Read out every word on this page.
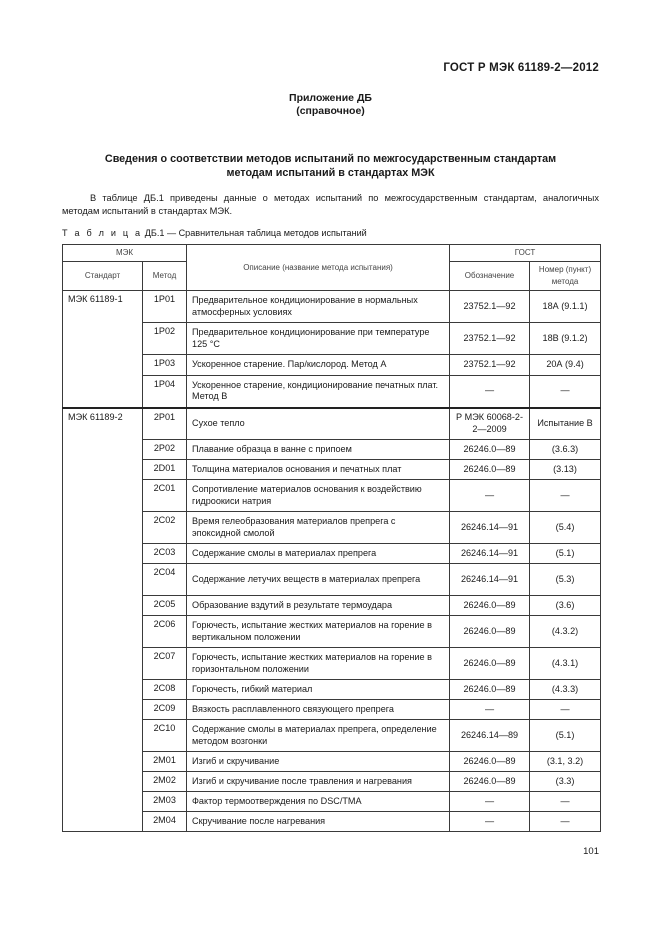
ГОСТ Р МЭК 61189-2—2012
Приложение ДБ
(справочное)
Сведения о соответствии методов испытаний по межгосударственным стандартам
методам испытаний в стандартах МЭК
В таблице ДБ.1 приведены данные о методах испытаний по межгосударственным стандартам, аналогичных методам испытаний в стандартах МЭК.
Т а б л и ц а ДБ.1 — Сравнительная таблица методов испытаний
МЭК		Описание (название метода испытания)	ГОСТ	
Стандарт	Метод		Обозначение	Номер (пункт) метода
МЭК 61189-1	1P01	Предварительное кондиционирование в нормальных атмосферных условиях	23752.1—92	18А (9.1.1)
	1P02	Предварительное кондиционирование при температуре 125 °С	23752.1—92	18В (9.1.2)
	1P03	Ускоренное старение. Пар/кислород. Метод А	23752.1—92	20А (9.4)
	1P04	Ускоренное старение, кондиционирование печатных плат. Метод В	—	—
МЭК 61189-2	2P01	Сухое тепло	Р МЭК 60068-2-2—2009	Испытание В
	2P02	Плавание образца в ванне с припоем	26246.0—89	(3.6.3)
	2D01	Толщина материалов основания и печатных плат	26246.0—89	(3.13)
	2C01	Сопротивление материалов основания к воздействию гидроокиси натрия	—	—
	2C02	Время гелеобразования материалов препрега с эпоксидной смолой	26246.14—91	(5.4)
	2C03	Содержание смолы в материалах препрега	26246.14—91	(5.1)
	2C04	Содержание летучих веществ в материалах препрега	26246.14—91	(5.3)
	2C05	Образование вздутий в результате термоудара	26246.0—89	(3.6)
	2C06	Горючесть, испытание жестких материалов на горение в вертикальном положении	26246.0—89	(4.3.2)
	2C07	Горючесть, испытание жестких материалов на горение в горизонтальном положении	26246.0—89	(4.3.1)
	2C08	Горючесть, гибкий материал	26246.0—89	(4.3.3)
	2C09	Вязкость расплавленного связующего препрега	—	—
	2C10	Содержание смолы в материалах препрега, определение методом возгонки	26246.14—89	(5.1)
	2M01	Изгиб и скручивание	26246.0—89	(3.1, 3.2)
	2M02	Изгиб и скручивание после травления и нагревания	26246.0—89	(3.3)
	2M03	Фактор термоотверждения по DSC/TMA	—	—
	2M04	Скручивание после нагревания	—	—
101
